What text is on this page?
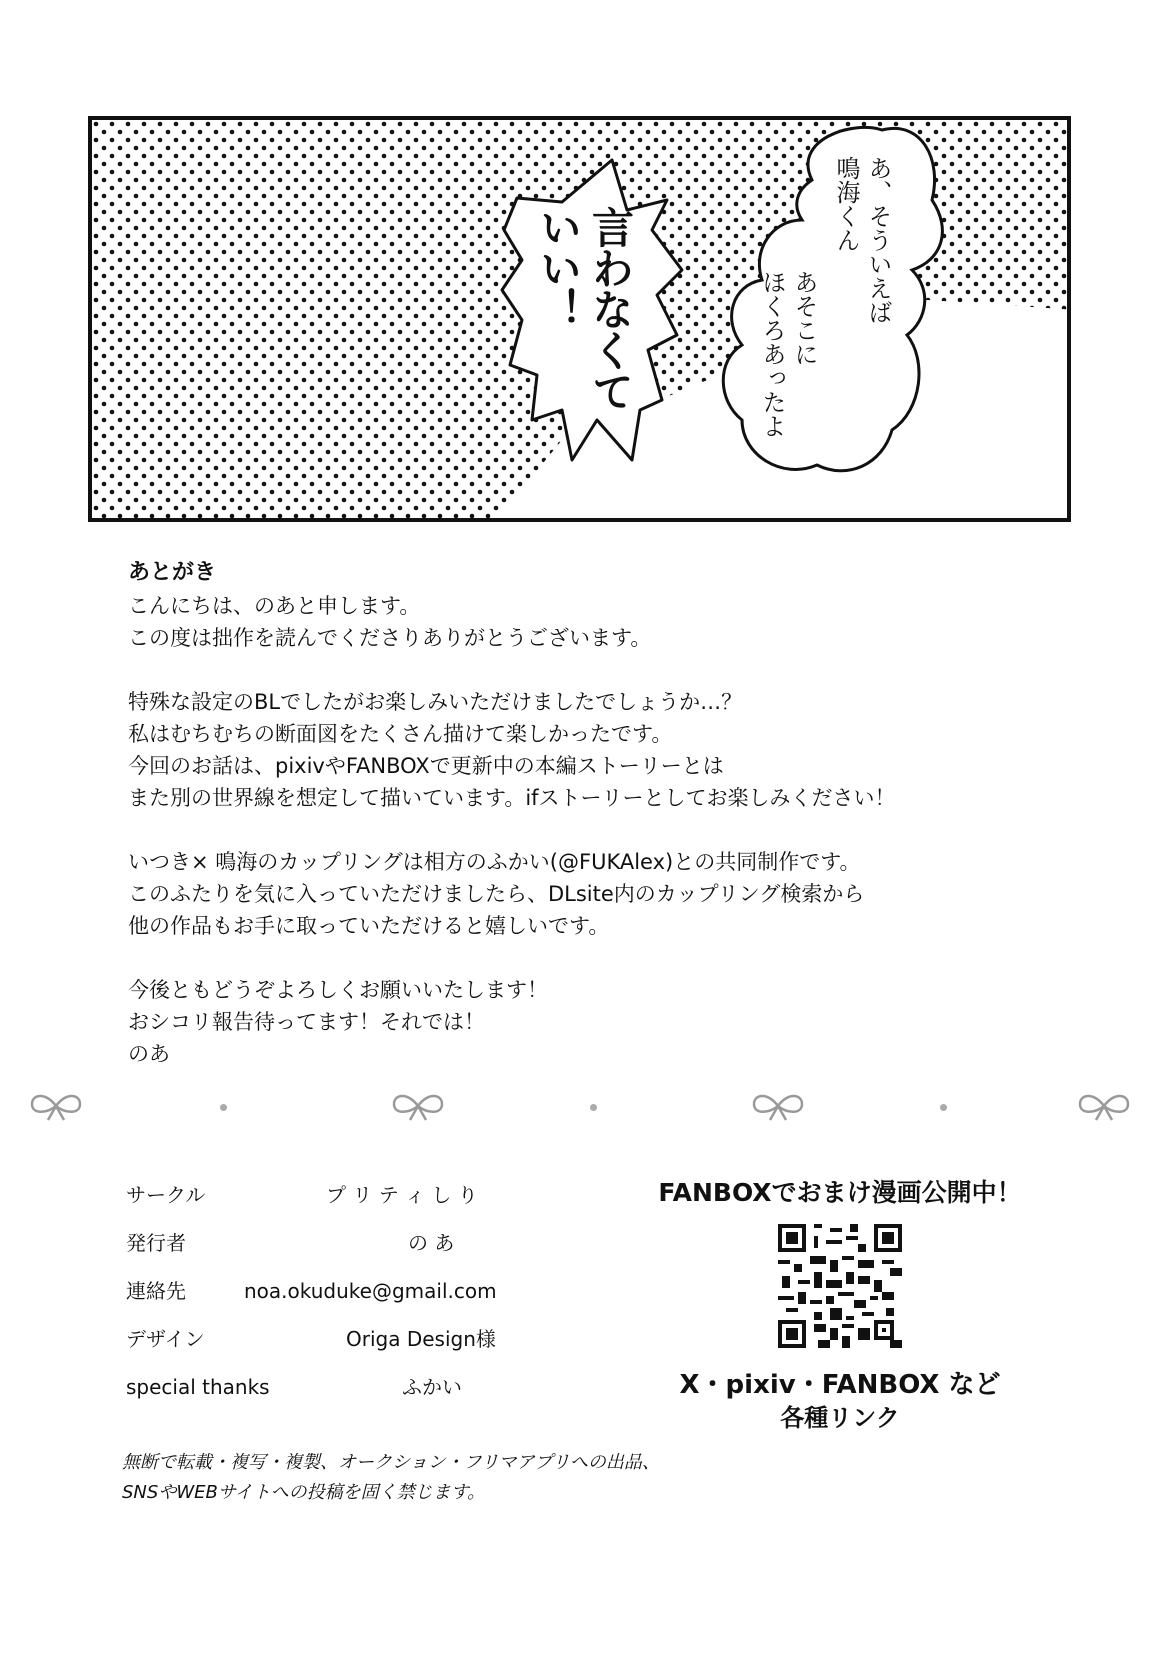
言わなくて
いい！	あ、そういえば
鳴海くん
あそこに
ほくろあったよ
あとがき
こんにちは、のあと申します。
この度は拙作を読んでくださりありがとうございます。
特殊な設定のBLでしたがお楽しみいただけましたでしょうか…？
私はむちむちの断面図をたくさん描けて楽しかったです。
今回のお話は、pixivやFANBOXで更新中の本編ストーリーとは
また別の世界線を想定して描いています。ifストーリーとしてお楽しみください！
いつき× 鳴海のカップリングは相方のふかい(@FUKAlex)との共同制作です。
このふたりを気に入っていただけましたら、DLsite内のカップリング検索から
他の作品もお手に取っていただけると嬉しいです。
今後ともどうぞよろしくお願いいたします！
おシコリ報告待ってます！それでは！
のあ
サークル	プ リ テ ィ し り
発行者	の あ
連絡先	noa.okuduke@gmail.com
デザイン	Origa Design様
special thanks	ふかい
FANBOXでおまけ漫画公開中！
X・pixiv・FANBOX など
各種リンク
無断で転載・複写・複製、オークション・フリマアプリへの出品、
SNSやWEBサイトへの投稿を固く禁じます。
